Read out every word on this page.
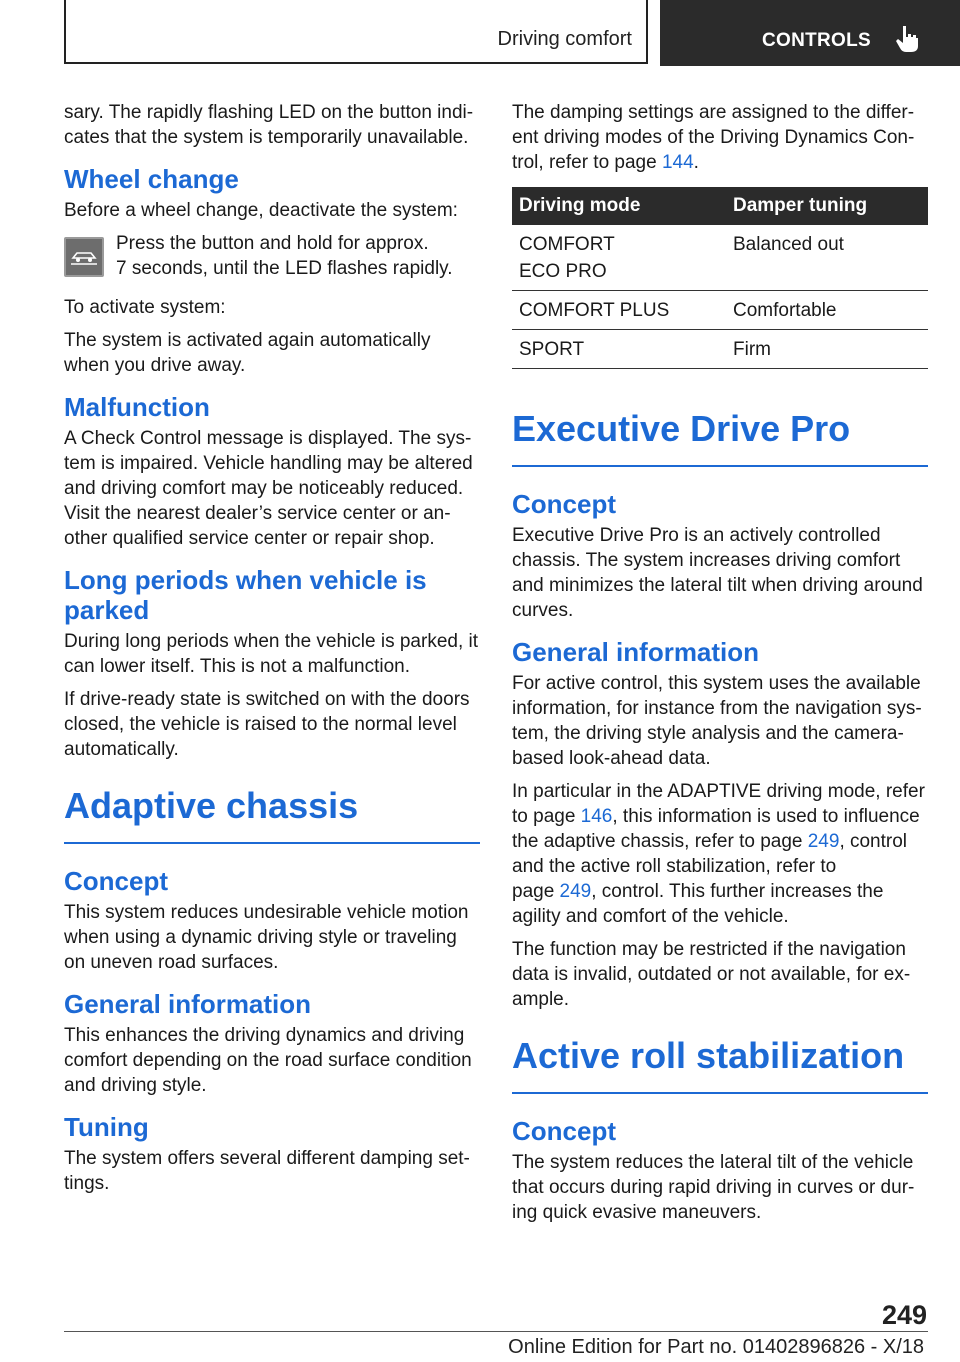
Driving comfort	CONTROLS

sary. The rapidly flashing LED on the button indi-
cates that the system is temporarily unavailable.

Wheel change

Before a wheel change, deactivate the system:

Press the button and hold for approx.
7 seconds, until the LED flashes rapidly.

To activate system:

The system is activated again automatically
when you drive away.

Malfunction

A Check Control message is displayed. The sys-
tem is impaired. Vehicle handling may be altered
and driving comfort may be noticeably reduced.
Visit the nearest dealer’s service center or an-
other qualified service center or repair shop.

Long periods when vehicle is
parked

During long periods when the vehicle is parked, it
can lower itself. This is not a malfunction.

If drive-ready state is switched on with the doors
closed, the vehicle is raised to the normal level
automatically.

Adaptive chassis
Concept

This system reduces undesirable vehicle motion
when using a dynamic driving style or traveling
on uneven road surfaces.

General information

This enhances the driving dynamics and driving
comfort depending on the road surface condition
and driving style.

Tuning

The system offers several different damping set-
tings.

The damping settings are assigned to the differ-
ent driving modes of the Driving Dynamics Con-
trol, refer to page 144.

Driving mode	Damper tuning

COMFORT
ECO PRO	Balanced out
COMFORT PLUS	Comfortable
SPORT	Firm
Executive Drive Pro
Concept

Executive Drive Pro is an actively controlled
chassis. The system increases driving comfort
and minimizes the lateral tilt when driving around
curves.

General information

For active control, this system uses the available
information, for instance from the navigation sys-
tem, the driving style analysis and the camera-
based look-ahead data.

In particular in the ADAPTIVE driving mode, refer
to page 146, this information is used to influence
the adaptive chassis, refer to page 249, control
and the active roll stabilization, refer to
page 249, control. This further increases the
agility and comfort of the vehicle.

The function may be restricted if the navigation
data is invalid, outdated or not available, for ex-
ample.

Active roll stabilization
Concept

The system reduces the lateral tilt of the vehicle
that occurs during rapid driving in curves or dur-
ing quick evasive maneuvers.

249
Online Edition for Part no. 01402896826 - X/18
